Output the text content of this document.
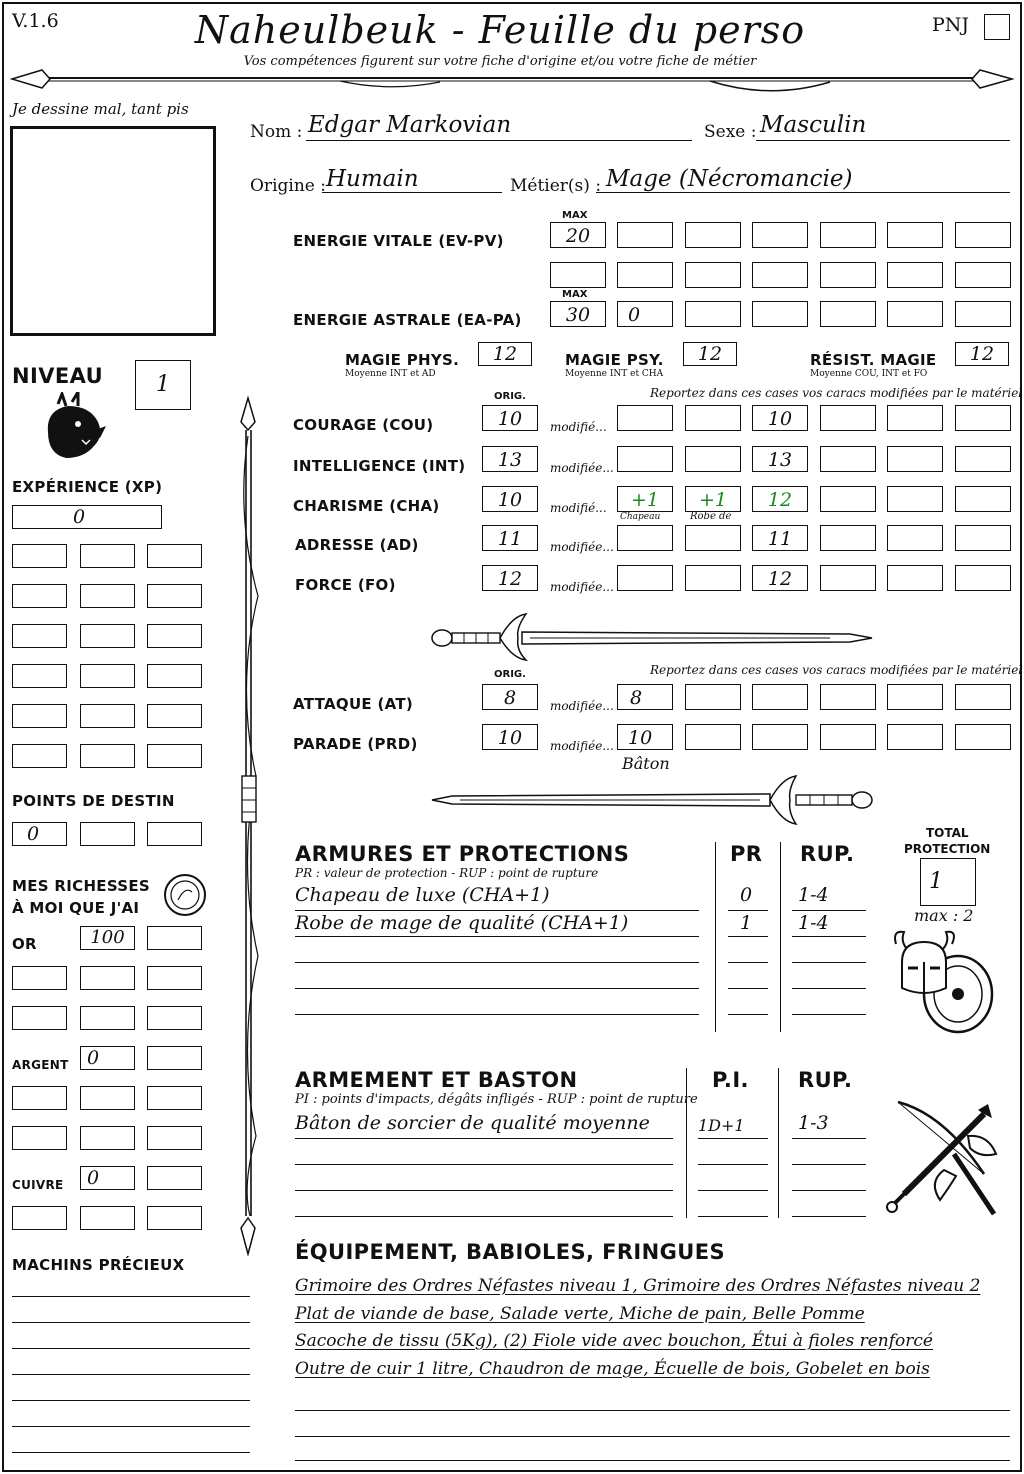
V.1.6	Naheulbeuk - Feuille du perso	PNJ
Vos compétences figurent sur votre fiche d'origine et/ou votre fiche de métier
Je dessine mal, tant pis
Nom : Edgar Markovian	Sexe : Masculin
Origine : Humain	Métier(s) : Mage (Nécromancie)
MAX
ENERGIE VITALE (EV-PV)	20
MAX
ENERGIE ASTRALE (EA-PA)	30	0
MAGIE PHYS.
Moyenne INT et AD
12	MAGIE PSY.
Moyenne INT et CHA
12	RÉSIST. MAGIE
Moyenne COU, INT et FO
12
NIVEAU	1
EXPÉRIENCE (XP)
0
POINTS DE DESTIN
0
MES RICHESSES
À MOI QUE J'AI
OR	100
ARGENT 0
CUIVRE	0
MACHINS PRÉCIEUX
ORIG.	Reportez dans ces cases vos caracs modifiées par le matériel
COURAGE (COU)	10	modifié...	10
INTELLIGENCE (INT)	13	modifiée...	13
CHARISME (CHA)	10	modifié...	+1	+1	12
Chapeau	Robe de
ADRESSE (AD)	11	modifiée...	11
FORCE (FO)	12	modifiée...	12
ORIG.	Reportez dans ces cases vos caracs modifiées par le matériel
ATTAQUE (AT)	8	modifiée... 8
PARADE (PRD)	10	modifiée... 10
Bâton
ARMURES ET PROTECTIONS
PR : valeur de protection - RUP : point de rupture
PR RUP.
TOTAL
PROTECTION
1
max : 2
Chapeau de luxe (CHA+1)	0 1-4
Robe de mage de qualité (CHA+1)	1 1-4
ARMEMENT ET BASTON
PI : points d'impacts, dégâts infligés - RUP : point de rupture
P.I. RUP.
Bâton de sorcier de qualité moyenne	1D+1	1-3
ÉQUIPEMENT, BABIOLES, FRINGUES
Grimoire des Ordres Néfastes niveau 1, Grimoire des Ordres Néfastes niveau 2
Plat de viande de base, Salade verte, Miche de pain, Belle Pomme
Sacoche de tissu (5Kg), (2) Fiole vide avec bouchon, Étui à fioles renforcé
Outre de cuir 1 litre, Chaudron de mage, Écuelle de bois, Gobelet en bois
